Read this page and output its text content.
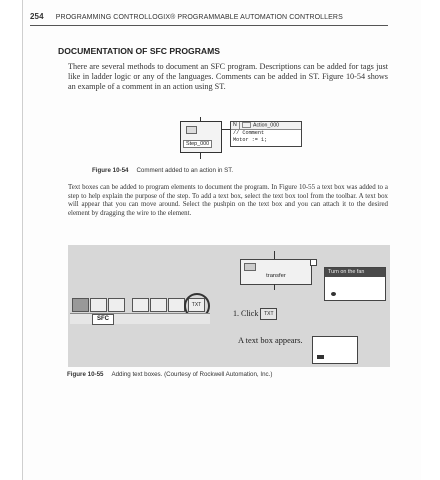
254 PROGRAMMING CONTROLLOGIX® PROGRAMMABLE AUTOMATION CONTROLLERS
DOCUMENTATION OF SFC PROGRAMS
There are several methods to document an SFC program. Descriptions can be added for tags just like in ladder logic or any of the languages. Comments can be added in ST. Figure 10-54 shows an example of a comment in an action using ST.
Step_000
N	Action_000
// Comment
Motor := 1;
Figure 10-54 Comment added to an action in ST.
Text boxes can be added to program elements to document the program. In Figure 10-55 a text box was added to a step to help explain the purpose of the step. To add a text box, select the text box tool from the toolbar. A text box will appear that you can move around. Select the pushpin on the text box and you can attach it to the desired element by dragging the wire to the element.
transfer
Turn on the fan
TXT
SFC
1. Click TXT
A text box appears.
Figure 10-55 Adding text boxes. (Courtesy of Rockwell Automation, Inc.)
